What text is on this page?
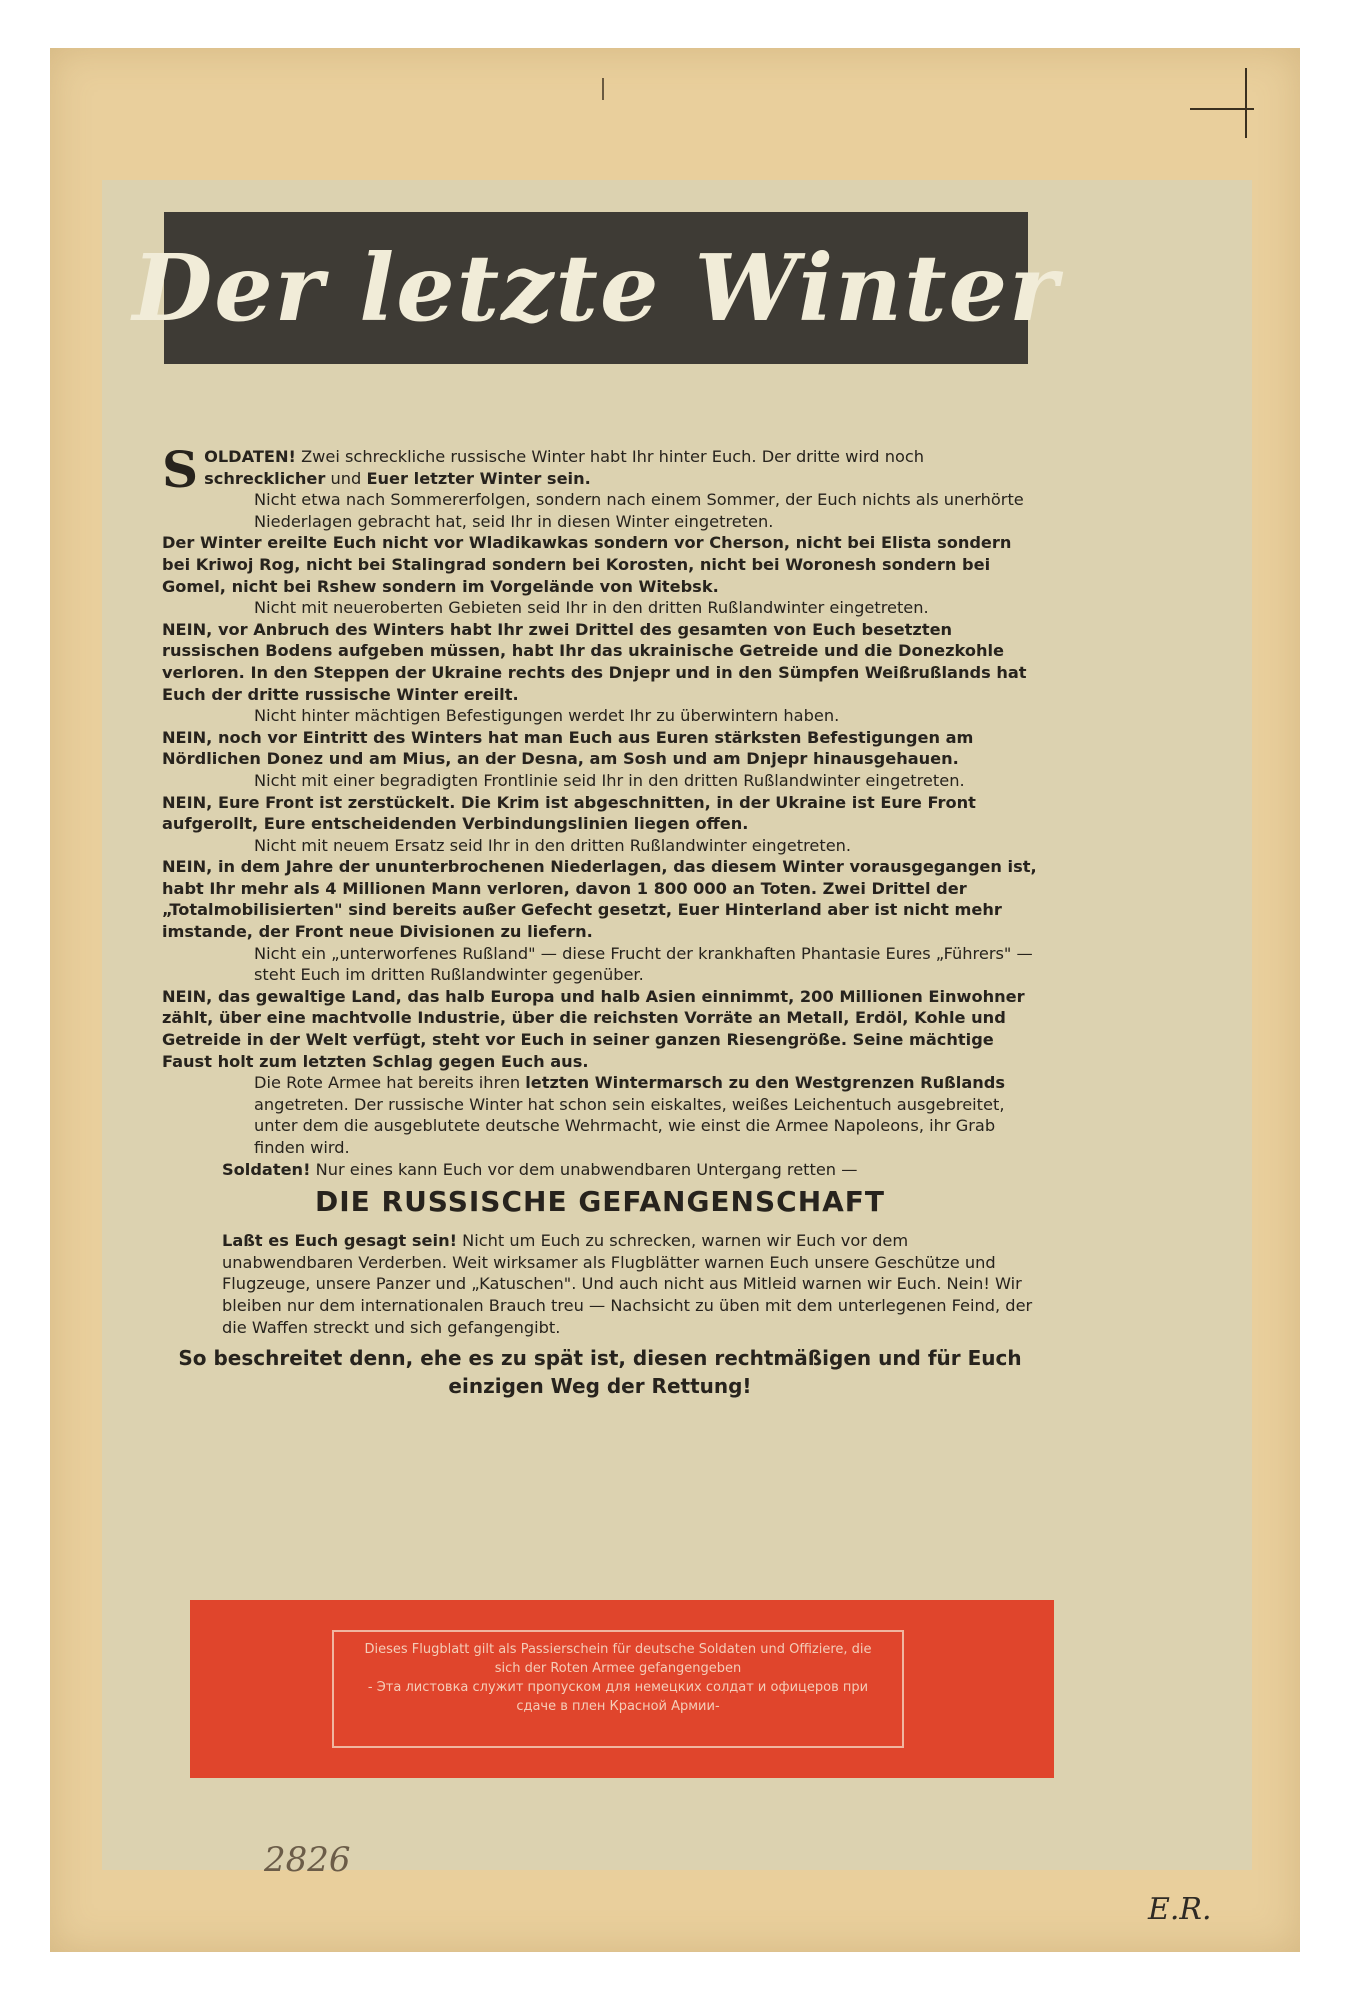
Der letzte Winter

S OLDATEN! Zwei schreckliche russische Winter habt Ihr hinter Euch. Der dritte wird noch schrecklicher und Euer letzter Winter sein.

Nicht etwa nach Sommererfolgen, sondern nach einem Sommer, der Euch nichts als unerhörte Niederlagen gebracht hat, seid Ihr in diesen Winter eingetreten.

Der Winter ereilte Euch nicht vor Wladikawkas sondern vor Cherson, nicht bei Elista sondern bei Kriwoj Rog, nicht bei Stalingrad sondern bei Korosten, nicht bei Woronesh sondern bei Gomel, nicht bei Rshew sondern im Vorgelände von Witebsk.

Nicht mit neueroberten Gebieten seid Ihr in den dritten Rußlandwinter eingetreten.

NEIN, vor Anbruch des Winters habt Ihr zwei Drittel des gesamten von Euch besetzten russischen Bodens aufgeben müssen, habt Ihr das ukrainische Getreide und die Donezkohle verloren. In den Steppen der Ukraine rechts des Dnjepr und in den Sümpfen Weißrußlands hat Euch der dritte russische Winter ereilt.

Nicht hinter mächtigen Befestigungen werdet Ihr zu überwintern haben.

NEIN, noch vor Eintritt des Winters hat man Euch aus Euren stärksten Befestigungen am Nördlichen Donez und am Mius, an der Desna, am Sosh und am Dnjepr hinausgehauen.

Nicht mit einer begradigten Frontlinie seid Ihr in den dritten Rußlandwinter eingetreten.

NEIN, Eure Front ist zerstückelt. Die Krim ist abgeschnitten, in der Ukraine ist Eure Front aufgerollt, Eure entscheidenden Verbindungslinien liegen offen.

Nicht mit neuem Ersatz seid Ihr in den dritten Rußlandwinter eingetreten.

NEIN, in dem Jahre der ununterbrochenen Niederlagen, das diesem Winter vorausgegangen ist, habt Ihr mehr als 4 Millionen Mann verloren, davon 1 800 000 an Toten. Zwei Drittel der „Totalmobilisierten" sind bereits außer Gefecht gesetzt, Euer Hinterland aber ist nicht mehr imstande, der Front neue Divisionen zu liefern.

Nicht ein „unterworfenes Rußland" — diese Frucht der krankhaften Phantasie Eures „Führers" — steht Euch im dritten Rußlandwinter gegenüber.

NEIN, das gewaltige Land, das halb Europa und halb Asien einnimmt, 200 Millionen Einwohner zählt, über eine machtvolle Industrie, über die reichsten Vorräte an Metall, Erdöl, Kohle und Getreide in der Welt verfügt, steht vor Euch in seiner ganzen Riesengröße. Seine mächtige Faust holt zum letzten Schlag gegen Euch aus.

Die Rote Armee hat bereits ihren letzten Wintermarsch zu den Westgrenzen Rußlands angetreten. Der russische Winter hat schon sein eiskaltes, weißes Leichentuch ausgebreitet, unter dem die ausgeblutete deutsche Wehrmacht, wie einst die Armee Napoleons, ihr Grab finden wird.

Soldaten! Nur eines kann Euch vor dem unabwendbaren Untergang retten —

DIE RUSSISCHE GEFANGENSCHAFT

Laßt es Euch gesagt sein! Nicht um Euch zu schrecken, warnen wir Euch vor dem unabwendbaren Verderben. Weit wirksamer als Flugblätter warnen Euch unsere Geschütze und Flugzeuge, unsere Panzer und „Katuschen". Und auch nicht aus Mitleid warnen wir Euch. Nein! Wir bleiben nur dem internationalen Brauch treu — Nachsicht zu üben mit dem unterlegenen Feind, der die Waffen streckt und sich gefangengibt.

So beschreitet denn, ehe es zu spät ist, diesen rechtmäßigen und für Euch einzigen Weg der Rettung!

Dieses Flugblatt gilt als Passierschein für deutsche Soldaten und Offiziere, die sich der Roten Armee gefangengeben

- Эта листовка служит пропуском для немецких солдат и офицеров при сдаче в плен Красной Армии-

2826
E.R.
